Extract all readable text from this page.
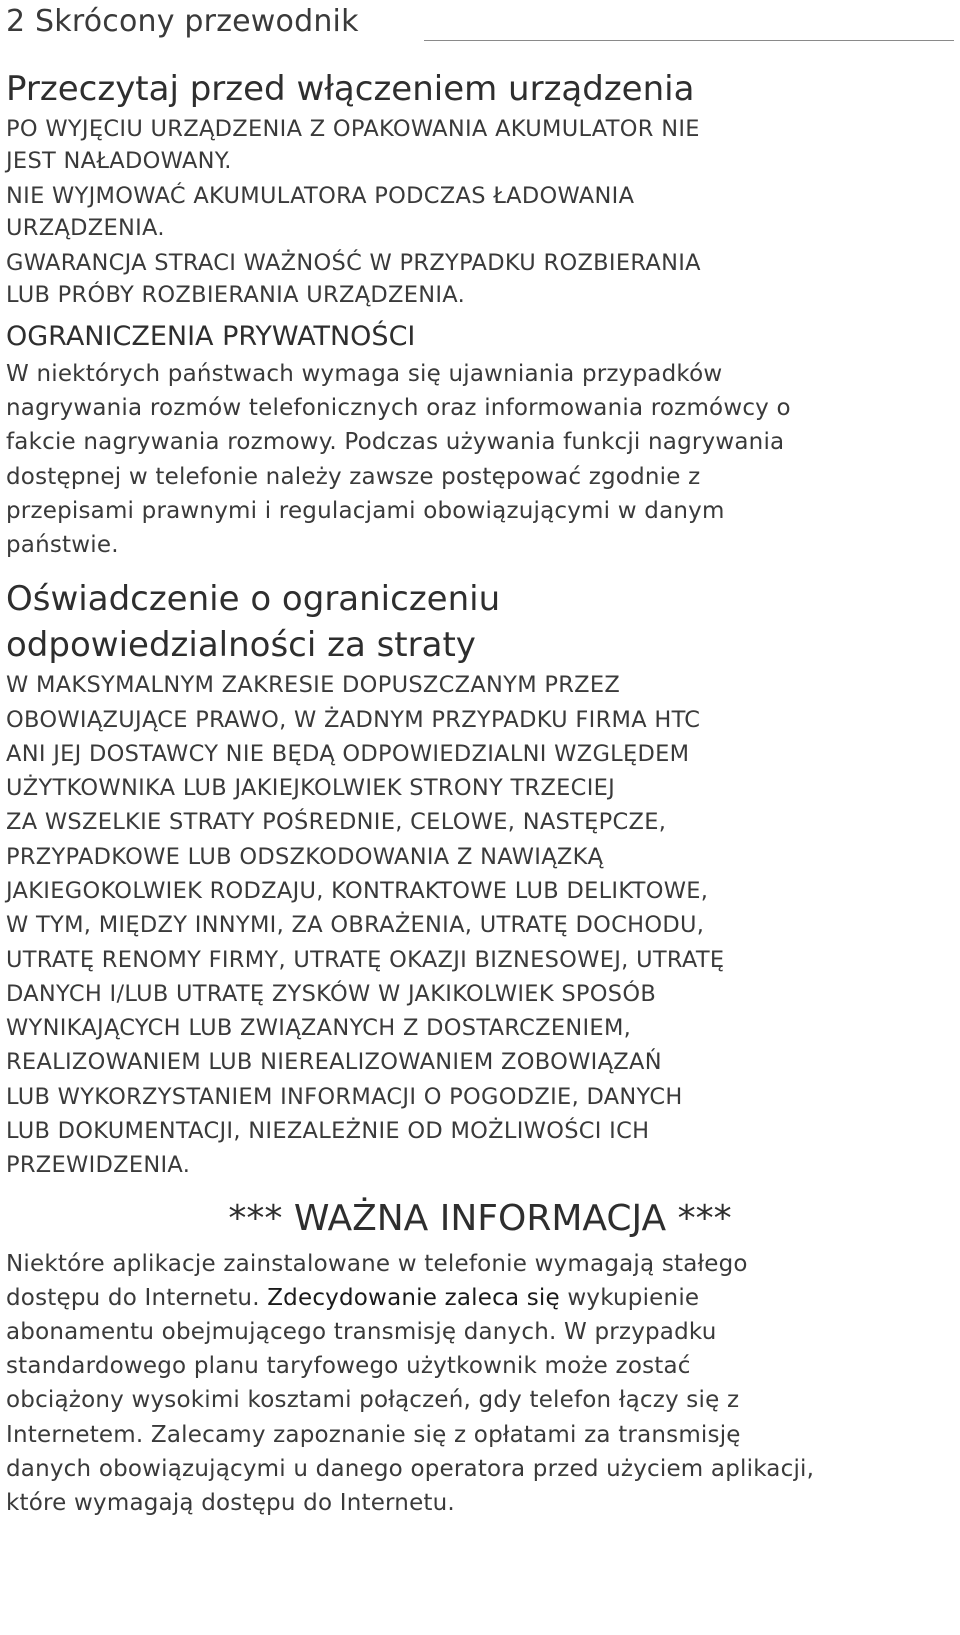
2 Skrócony przewodnik
Przeczytaj przed włączeniem urządzenia
PO WYJĘCIU URZĄDZENIA Z OPAKOWANIA AKUMULATOR NIE
JEST NAŁADOWANY.
NIE WYJMOWAĆ AKUMULATORA PODCZAS ŁADOWANIA
URZĄDZENIA.
GWARANCJA STRACI WAŻNOŚĆ W PRZYPADKU ROZBIERANIA
LUB PRÓBY ROZBIERANIA URZĄDZENIA.
OGRANICZENIA PRYWATNOŚCI
W niektórych państwach wymaga się ujawniania przypadków
nagrywania rozmów telefonicznych oraz informowania rozmówcy o
fakcie nagrywania rozmowy. Podczas używania funkcji nagrywania
dostępnej w telefonie należy zawsze postępować zgodnie z
przepisami prawnymi i regulacjami obowiązującymi w danym
państwie.
Oświadczenie o ograniczeniu
odpowiedzialności za straty
W MAKSYMALNYM ZAKRESIE DOPUSZCZANYM PRZEZ
OBOWIĄZUJĄCE PRAWO, W ŻADNYM PRZYPADKU FIRMA HTC
ANI JEJ DOSTAWCY NIE BĘDĄ ODPOWIEDZIALNI WZGLĘDEM
UŻYTKOWNIKA LUB JAKIEJKOLWIEK STRONY TRZECIEJ
ZA WSZELKIE STRATY POŚREDNIE, CELOWE, NASTĘPCZE,
PRZYPADKOWE LUB ODSZKODOWANIA Z NAWIĄZKĄ
JAKIEGOKOLWIEK RODZAJU, KONTRAKTOWE LUB DELIKTOWE,
W TYM, MIĘDZY INNYMI, ZA OBRAŻENIA, UTRATĘ DOCHODU,
UTRATĘ RENOMY FIRMY, UTRATĘ OKAZJI BIZNESOWEJ, UTRATĘ
DANYCH I/LUB UTRATĘ ZYSKÓW W JAKIKOLWIEK SPOSÓB
WYNIKAJĄCYCH LUB ZWIĄZANYCH Z DOSTARCZENIEM,
REALIZOWANIEM LUB NIEREALIZOWANIEM ZOBOWIĄZAŃ
LUB WYKORZYSTANIEM INFORMACJI O POGODZIE, DANYCH
LUB DOKUMENTACJI, NIEZALEŻNIE OD MOŻLIWOŚCI ICH
PRZEWIDZENIA.
*** WAŻNA INFORMACJA ***
Niektóre aplikacje zainstalowane w telefonie wymagają stałego
dostępu do Internetu. Zdecydowanie zaleca się wykupienie
abonamentu obejmującego transmisję danych. W przypadku
standardowego planu taryfowego użytkownik może zostać
obciążony wysokimi kosztami połączeń, gdy telefon łączy się z
Internetem. Zalecamy zapoznanie się z opłatami za transmisję
danych obowiązującymi u danego operatora przed użyciem aplikacji,
które wymagają dostępu do Internetu.
